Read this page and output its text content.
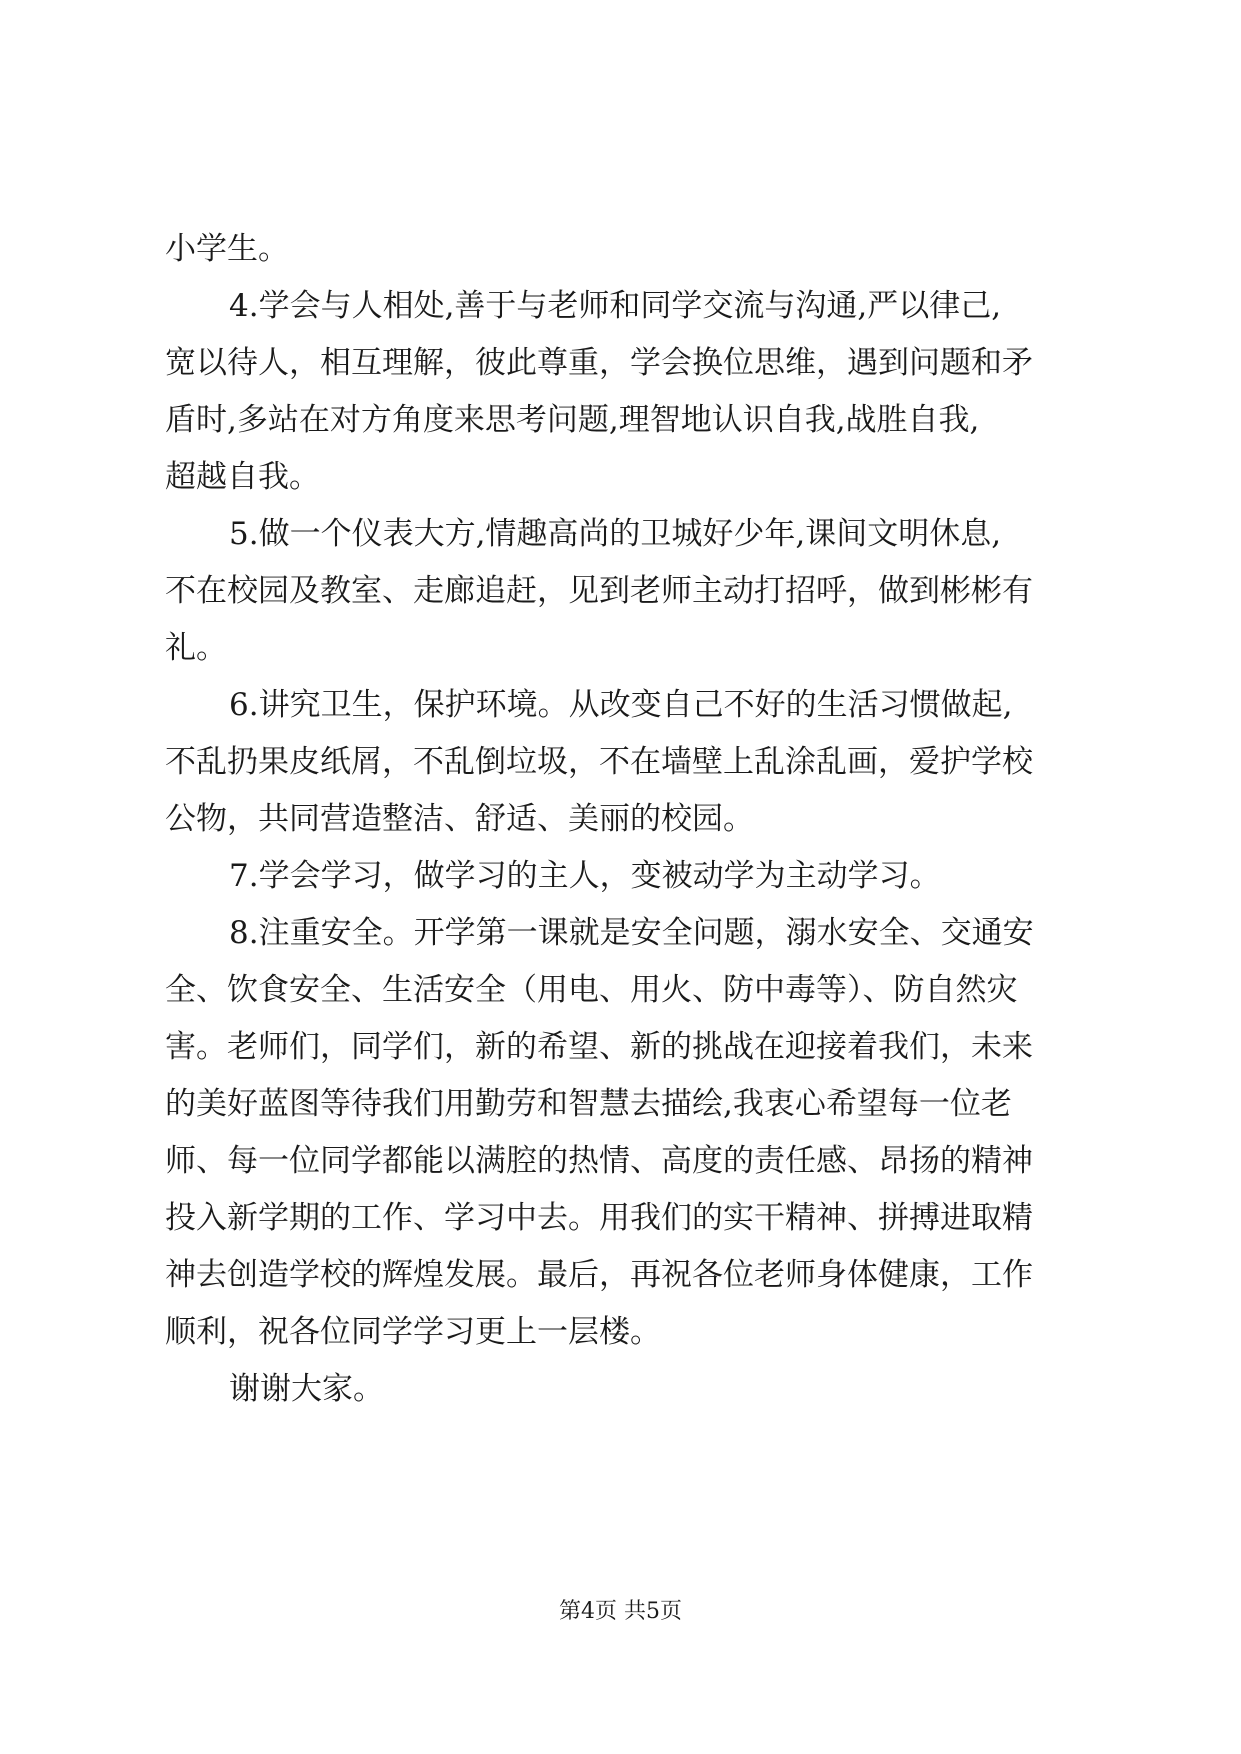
小学生。
4.学会与人相处,善于与老师和同学交流与沟通,严以律己,
宽以待人，相互理解，彼此尊重，学会换位思维，遇到问题和矛
盾时,多站在对方角度来思考问题,理智地认识自我,战胜自我,
超越自我。
5.做一个仪表大方,情趣高尚的卫城好少年,课间文明休息,
不在校园及教室、走廊追赶，见到老师主动打招呼，做到彬彬有
礼。
6.讲究卫生，保护环境。从改变自己不好的生活习惯做起,
不乱扔果皮纸屑，不乱倒垃圾，不在墙壁上乱涂乱画，爱护学校
公物，共同营造整洁、舒适、美丽的校园。
7.学会学习，做学习的主人，变被动学为主动学习。
8.注重安全。开学第一课就是安全问题，溺水安全、交通安
全、饮食安全、生活安全（用电、用火、防中毒等）、防自然灾
害。老师们，同学们，新的希望、新的挑战在迎接着我们，未来
的美好蓝图等待我们用勤劳和智慧去描绘,我衷心希望每一位老
师、每一位同学都能以满腔的热情、高度的责任感、昂扬的精神
投入新学期的工作、学习中去。用我们的实干精神、拼搏进取精
神去创造学校的辉煌发展。最后，再祝各位老师身体健康，工作
顺利，祝各位同学学习更上一层楼。
谢谢大家。
第4页 共5页
